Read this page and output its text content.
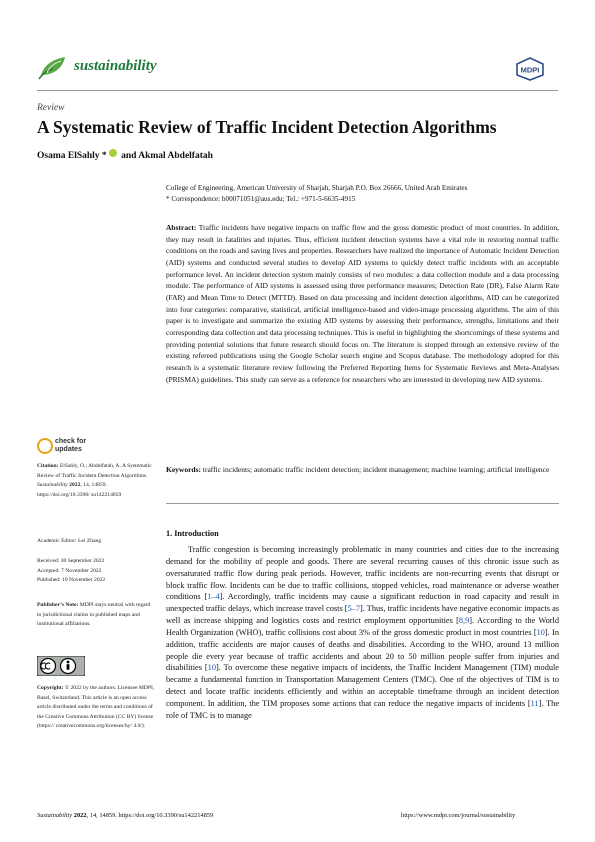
sustainability	MDPI
Review
A Systematic Review of Traffic Incident Detection Algorithms
Osama ElSahly * and Akmal Abdelfatah
College of Engineering, American University of Sharjah, Sharjah P.O. Box 26666, United Arab Emirates
* Correspondence: b00071051@aus.edu; Tel.: +971-5-6635-4915
Abstract: Traffic incidents have negative impacts on traffic flow and the gross domestic product of most countries. In addition, they may result in fatalities and injuries. Thus, efficient incident detection systems have a vital role in restoring normal traffic conditions on the roads and saving lives and properties. Researchers have realized the importance of Automatic Incident Detection (AID) systems and conducted several studies to develop AID systems to quickly detect traffic incidents with an acceptable performance level. An incident detection system mainly consists of two modules: a data collection module and a data processing module. The performance of AID systems is assessed using three performance measures; Detection Rate (DR), False Alarm Rate (FAR) and Mean Time to Detect (MTTD). Based on data processing and incident detection algorithms, AID can be categorized into four categories: comparative, statistical, artificial intelligence-based and video-image processing algorithms. The aim of this paper is to investigate and summarize the existing AID systems by assessing their performance, strengths, limitations and their corresponding data collection and data processing techniques. This is useful in highlighting the shortcomings of these systems and providing potential solutions that future research should focus on. The literature is stopped through an extensive review of the existing refereed publications using the Google Scholar search engine and Scopus database. The methodology adopted for this research is a systematic literature review following the Preferred Reporting Items for Systematic Reviews and Meta-Analyses (PRISMA) guidelines. This study can serve as a reference for researchers who are interested in developing new AID systems.
Keywords: traffic incidents; automatic traffic incident detection; incident management; machine learning; artificial intelligence
check for
updates
Citation: ElSahly, O.; Abdelfatah, A. A Systematic Review of Traffic Incident Detection Algorithms. Sustainability 2022, 14, 14859. https://doi.org/10.3390/ su142214859
Academic Editor: Lei Zhang
Received: 30 September 2022
Accepted: 7 November 2022
Published: 10 November 2022
Publisher’s Note: MDPI stays neutral with regard to jurisdictional claims in published maps and institutional affiliations.
Copyright: © 2022 by the authors. Licensee MDPI, Basel, Switzerland. This article is an open access article distributed under the terms and conditions of the Creative Commons Attribution (CC BY) license (https:// creativecommons.org/licenses/by/ 4.0/).
1. Introduction

Traffic congestion is becoming increasingly problematic in many countries and cities due to the increasing demand for the mobility of people and goods. There are several recurring causes of this chronic issue such as oversaturated traffic flow during peak periods. However, traffic incidents are non-recurring events that disrupt or block traffic flow. Incidents can be due to traffic collisions, stopped vehicles, road maintenance or adverse weather conditions [1–4]. Accordingly, traffic incidents may cause a significant reduction in road capacity and result in unexpected traffic delays, which increase travel costs [5–7]. Thus, traffic incidents have negative economic impacts as well as increase shipping and logistics costs and restrict employment opportunities [8,9]. According to the World Health Organization (WHO), traffic collisions cost about 3% of the gross domestic product in most countries [10]. In addition, traffic accidents are major causes of deaths and disabilities. According to the WHO, around 13 million people die every year because of traffic accidents and about 20 to 50 million people suffer from injuries and disabilities [10]. To overcome these negative impacts of incidents, the Traffic Incident Management (TIM) module became a fundamental function in Transportation Management Centers (TMC). One of the objectives of TIM is to detect and locate traffic incidents efficiently and within an acceptable timeframe through an incident detection component. In addition, the TIM proposes some actions that can reduce the negative impacts of incidents [11]. The role of TMC is to manage

Sustainability 2022, 14, 14859. https://doi.org/10.3390/su142214859	https://www.mdpi.com/journal/sustainability
